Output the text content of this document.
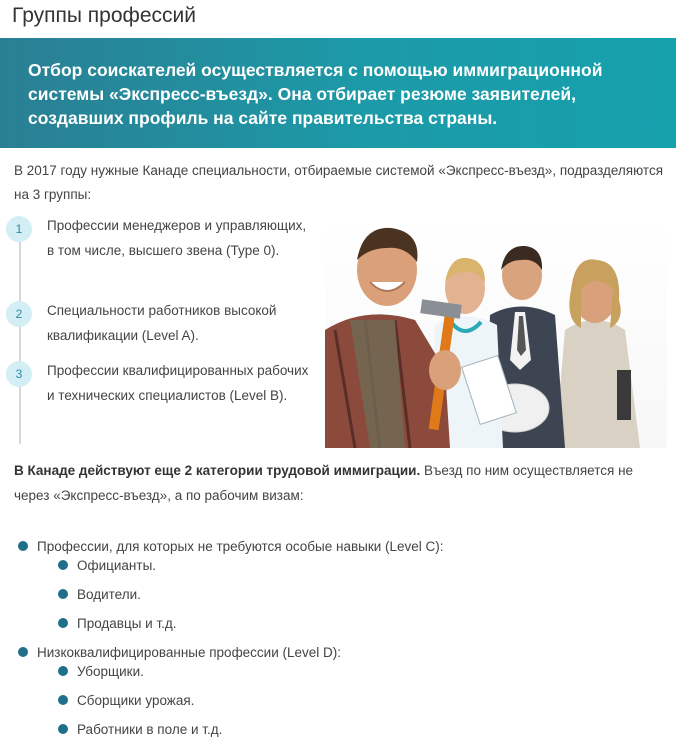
Группы профессий
Отбор соискателей осуществляется с помощью иммиграционной системы «Экспресс-въезд». Она отбирает резюме заявителей, создавших профиль на сайте правительства страны.
В 2017 году нужные Канаде специальности, отбираемые системой «Экспресс-въезд», подразделяются на 3 группы:
1	Профессии менеджеров и управляющих, в том числе, высшего звена (Type 0).
2	Специальности работников высокой квалификации (Level A).
3	Профессии квалифицированных рабочих и технических специалистов (Level B).
В Канаде действуют еще 2 категории трудовой иммиграции. Въезд по ним осуществляется не через «Экспресс-въезд», а по рабочим визам:
Профессии, для которых не требуются особые навыки (Level C):
Официанты.
Водители.
Продавцы и т.д.
Низкоквалифицированные профессии (Level D):
Уборщики.
Сборщики урожая.
Работники в поле и т.д.
